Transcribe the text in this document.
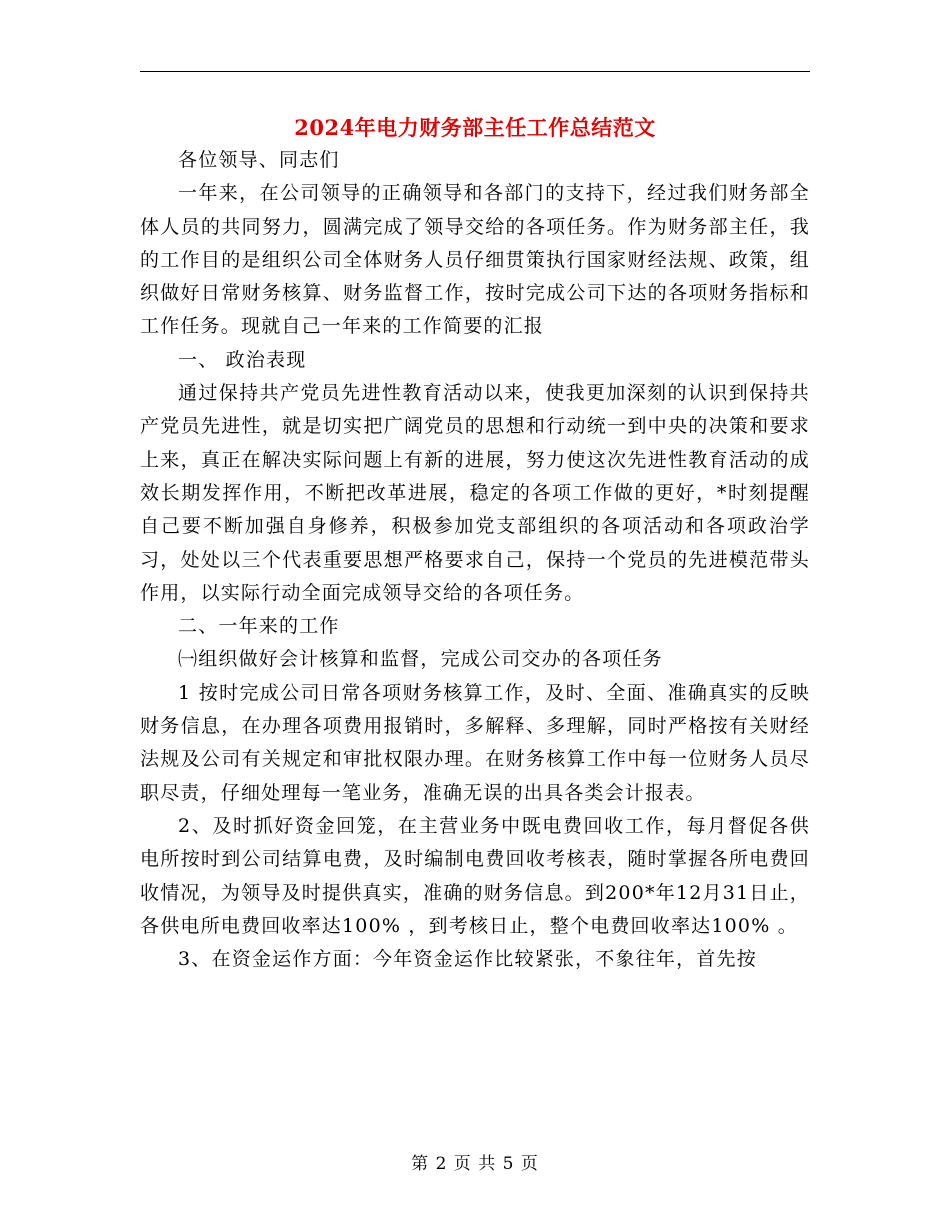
2024年电力财务部主任工作总结范文

各位领导、同志们

一年来，在公司领导的正确领导和各部门的支持下，经过我们财务部全体人员的共同努力，圆满完成了领导交给的各项任务。作为财务部主任，我的工作目的是组织公司全体财务人员仔细贯策执行国家财经法规、政策，组织做好日常财务核算、财务监督工作，按时完成公司下达的各项财务指标和工作任务。现就自己一年来的工作简要的汇报

一、 政治表现

通过保持共产党员先进性教育活动以来，使我更加深刻的认识到保持共产党员先进性，就是切实把广阔党员的思想和行动统一到中央的决策和要求上来，真正在解决实际问题上有新的进展，努力使这次先进性教育活动的成效长期发挥作用，不断把改革进展，稳定的各项工作做的更好，*时刻提醒自己要不断加强自身修养，积极参加党支部组织的各项活动和各项政治学习，处处以三个代表重要思想严格要求自己，保持一个党员的先进模范带头作用，以实际行动全面完成领导交给的各项任务。

二、一年来的工作

㈠组织做好会计核算和监督，完成公司交办的各项任务

1 按时完成公司日常各项财务核算工作，及时、全面、准确真实的反映财务信息，在办理各项费用报销时，多解释、多理解，同时严格按有关财经法规及公司有关规定和审批权限办理。在财务核算工作中每一位财务人员尽职尽责，仔细处理每一笔业务，准确无误的出具各类会计报表。

2、及时抓好资金回笼，在主营业务中既电费回收工作，每月督促各供电所按时到公司结算电费，及时编制电费回收考核表，随时掌握各所电费回收情况，为领导及时提供真实，准确的财务信息。到200*年12月31日止，各供电所电费回收率达100% ，到考核日止，整个电费回收率达100% 。

3、在资金运作方面：今年资金运作比较紧张，不象往年，首先按

第 2 页 共 5 页
